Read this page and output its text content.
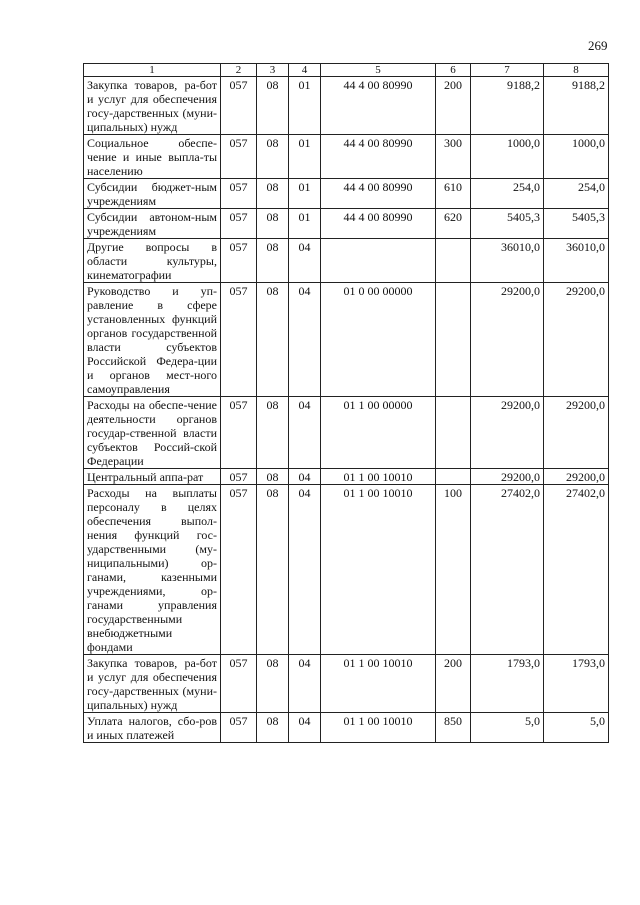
269
1	2	3	4	5	6	7	8
Закупка товаров, ра-бот и услуг для обеспечения госу-дарственных (муни-ципальных) нужд	057	08	01	44 4 00 80990	200	9188,2	9188,2
Социальное обеспе-чение и иные выпла-ты населению	057	08	01	44 4 00 80990	300	1000,0	1000,0
Субсидии бюджет-ным учреждениям	057	08	01	44 4 00 80990	610	254,0	254,0
Субсидии автоном-ным учреждениям	057	08	01	44 4 00 80990	620	5405,3	5405,3
Другие вопросы в области культуры, кинематографии	057	08	04			36010,0	36010,0
Руководство и уп-равление в сфере установленных функций органов государственной власти субъектов Российской Федера-ции и органов мест-ного самоуправления	057	08	04	01 0 00 00000		29200,0	29200,0
Расходы на обеспе-чение деятельности органов государ-ственной власти субъектов Россий-ской Федерации	057	08	04	01 1 00 00000		29200,0	29200,0
Центральный аппа-рат	057	08	04	01 1 00 10010		29200,0	29200,0
Расходы на выплаты персоналу в целях обеспечения выпол-нения функций гос-ударственными (му-ниципальными) ор-ганами, казенными учреждениями, ор-ганами управления государственными внебюджетными фондами	057	08	04	01 1 00 10010	100	27402,0	27402,0
Закупка товаров, ра-бот и услуг для обеспечения госу-дарственных (муни-ципальных) нужд	057	08	04	01 1 00 10010	200	1793,0	1793,0
Уплата налогов, сбо-ров и иных платежей	057	08	04	01 1 00 10010	850	5,0	5,0
